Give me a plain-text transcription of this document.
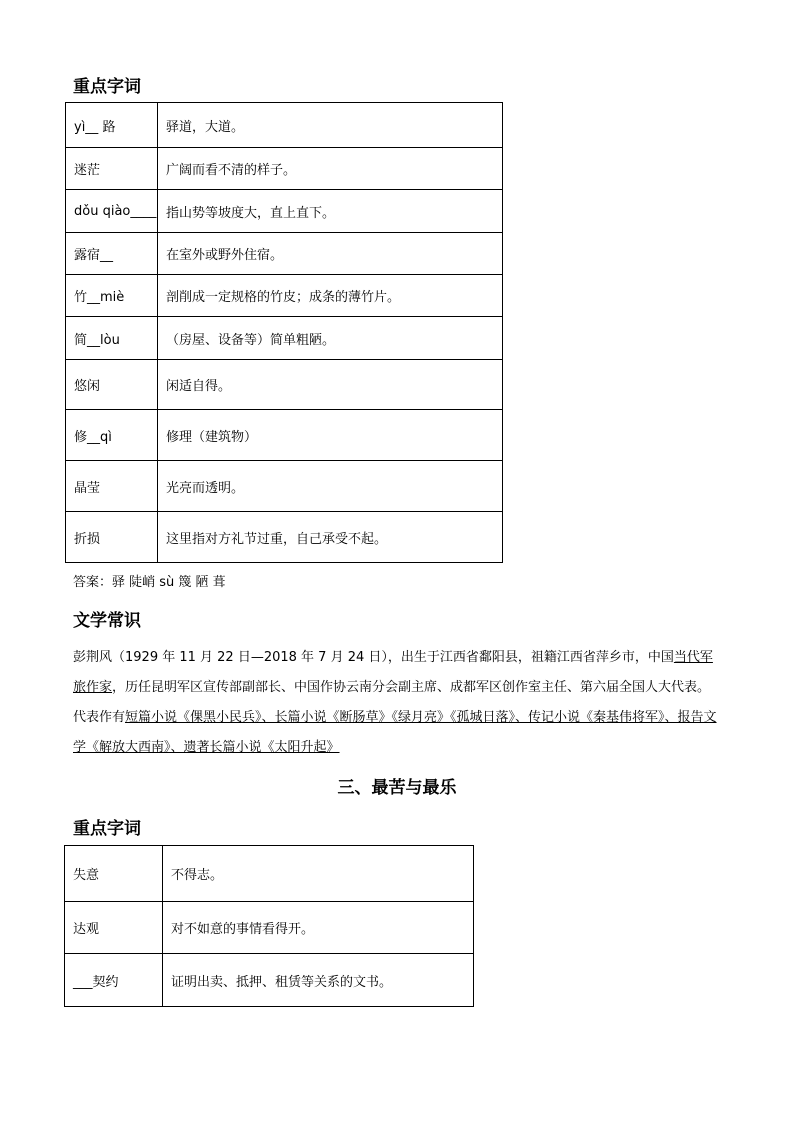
重点字词
yì__ 路	驿道，大道。
迷茫	广阔而看不清的样子。
dǒu qiào____	指山势等坡度大，直上直下。
露宿__	在室外或野外住宿。
竹__miè	剖削成一定规格的竹皮；成条的薄竹片。
简__lòu	（房屋、设备等）简单粗陋。
悠闲	闲适自得。
修__qì	修理（建筑物）
晶莹	光亮而透明。
折损	这里指对方礼节过重，自己承受不起。
答案：驿 陡峭 sù 篾 陋 葺
文学常识
彭荆风（1929 年 11 月 22 日—2018 年 7 月 24 日），出生于江西省鄱阳县，祖籍江西省萍乡市，中国当代军旅作家，历任昆明军区宣传部副部长、中国作协云南分会副主席、成都军区创作室主任、第六届全国人大代表。代表作有短篇小说《倮黑小民兵》、长篇小说《断肠草》《绿月亮》《孤城日落》、传记小说《秦基伟将军》、报告文学《解放大西南》、遗著长篇小说《太阳升起》
三、最苦与最乐
重点字词
失意	不得志。
达观	对不如意的事情看得开。
___契约	证明出卖、抵押、租赁等关系的文书。
